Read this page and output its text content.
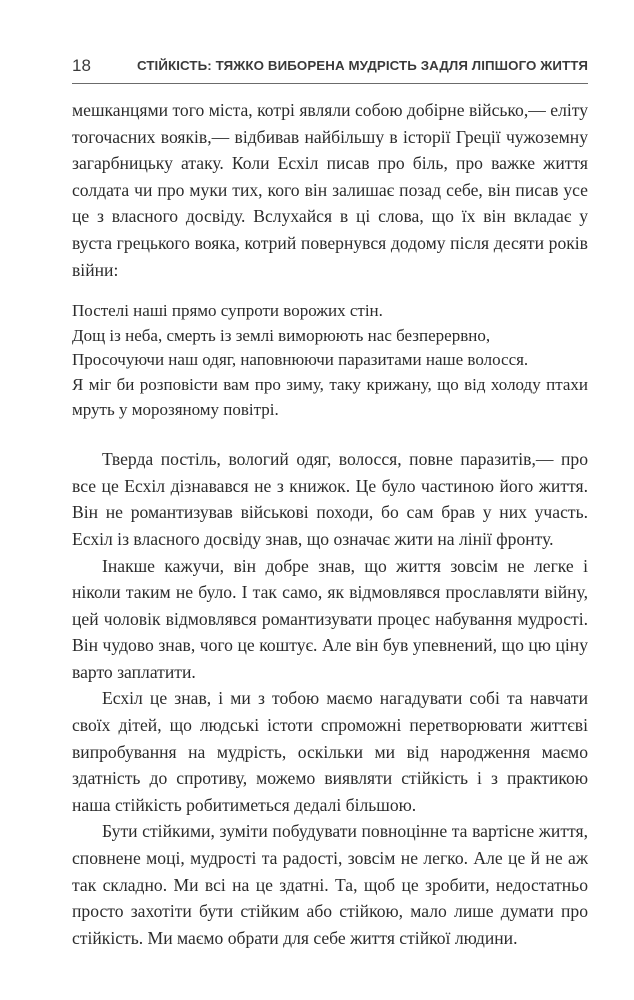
18	СТІЙКІСТЬ: ТЯЖКО ВИБОРЕНА МУДРІСТЬ ЗАДЛЯ ЛІПШОГО ЖИТТЯ

мешканцями того міста, котрі являли собою добірне військо,— еліту тогочасних вояків,— відбивав найбільшу в історії Греції чужоземну загарбницьку атаку. Коли Есхіл писав про біль, про важке життя солдата чи про муки тих, кого він залишає позад себе, він писав усе це з власного досвіду. Вслухайся в ці слова, що їх він вкладає у вуста грецького вояка, котрий повернувся додому після десяти років війни:

Постелі наші прямо супроти ворожих стін.
Дощ із неба, смерть із землі виморюють нас безперервно,
Просочуючи наш одяг, наповнюючи паразитами наше волосся.
Я міг би розповісти вам про зиму, таку крижану, що від холоду птахи мруть у морозяному повітрі.

Тверда постіль, вологий одяг, волосся, повне паразитів,— про все це Есхіл дізнавався не з книжок. Це було частиною його життя. Він не романтизував військові походи, бо сам брав у них участь. Есхіл із власного досвіду знав, що означає жити на лінії фронту.

Інакше кажучи, він добре знав, що життя зовсім не легке і ніколи таким не було. І так само, як відмовлявся прославляти війну, цей чоловік відмовлявся романтизувати процес набування мудрості. Він чудово знав, чого це коштує. Але він був упевнений, що цю ціну варто заплатити.

Есхіл це знав, і ми з тобою маємо нагадувати собі та навчати своїх дітей, що людські істоти спроможні перетворювати життєві випробування на мудрість, оскільки ми від народження маємо здатність до спротиву, можемо виявляти стійкість і з практикою наша стійкість робитиметься дедалі більшою.

Бути стійкими, зуміти побудувати повноцінне та вартісне життя, сповнене моці, мудрості та радості, зовсім не легко. Але це й не аж так складно. Ми всі на це здатні. Та, щоб це зробити, недостатньо просто захотіти бути стійким або стійкою, мало лише думати про стійкість. Ми маємо обрати для себе життя стійкої людини.
